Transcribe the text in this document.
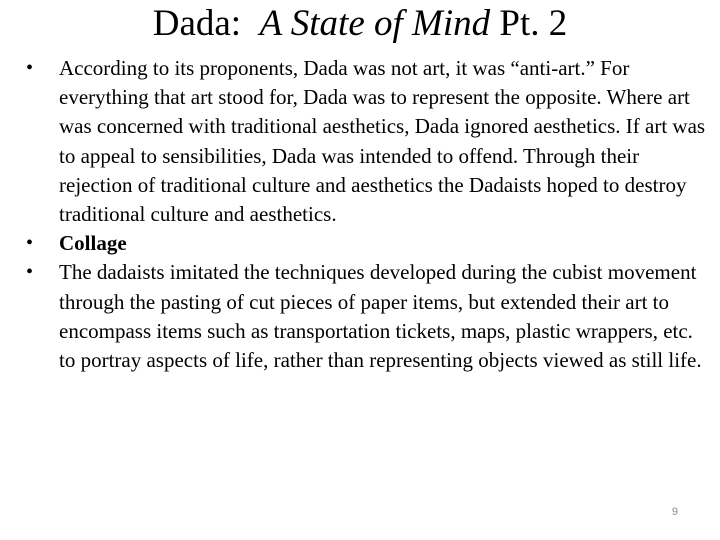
Dada: A State of Mind Pt. 2
•	According to its proponents, Dada was not art, it was “anti-art.” For everything that art stood for, Dada was to represent the opposite. Where art was concerned with traditional aesthetics, Dada ignored aesthetics. If art was to appeal to sensibilities, Dada was intended to offend. Through their rejection of traditional culture and aesthetics the Dadaists hoped to destroy traditional culture and aesthetics.
•	Collage
•	The dadaists imitated the techniques developed during the cubist movement through the pasting of cut pieces of paper items, but extended their art to encompass items such as transportation tickets, maps, plastic wrappers, etc. to portray aspects of life, rather than representing objects viewed as still life.
9
